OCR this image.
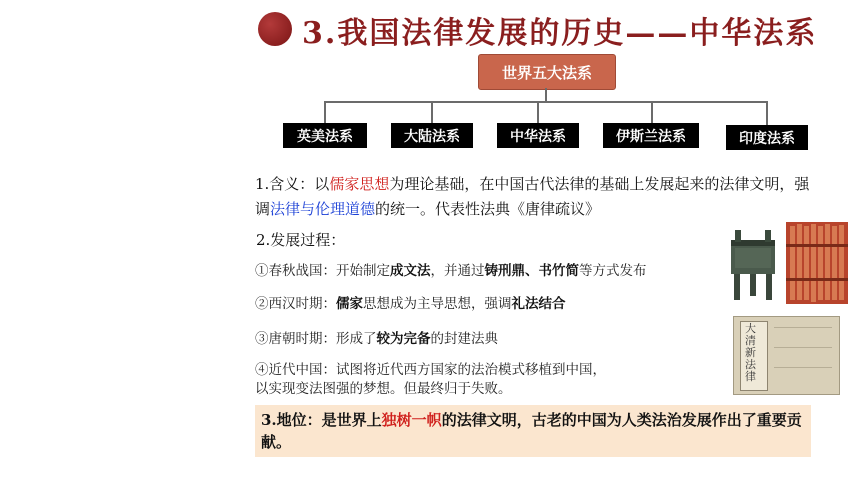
3.我国法律发展的历史——中华法系
世界五大法系
英美法系	大陆法系	中华法系	伊斯兰法系	印度法系
1.含义：以儒家思想为理论基础，在中国古代法律的基础上发展起来的法律文明，强调法律与伦理道德的统一。代表性法典《唐律疏议》
2.发展过程：
①春秋战国：开始制定成文法，并通过铸刑鼎、书竹简等方式发布
②西汉时期：儒家思想成为主导思想，强调礼法结合
③唐朝时期：形成了较为完备的封建法典
④近代中国：试图将近代西方国家的法治模式移植到中国，
以实现变法图强的梦想。但最终归于失败。
大清新法律
3.地位：是世界上独树一帜的法律文明，古老的中国为人类法治发展作出了重要贡献。
